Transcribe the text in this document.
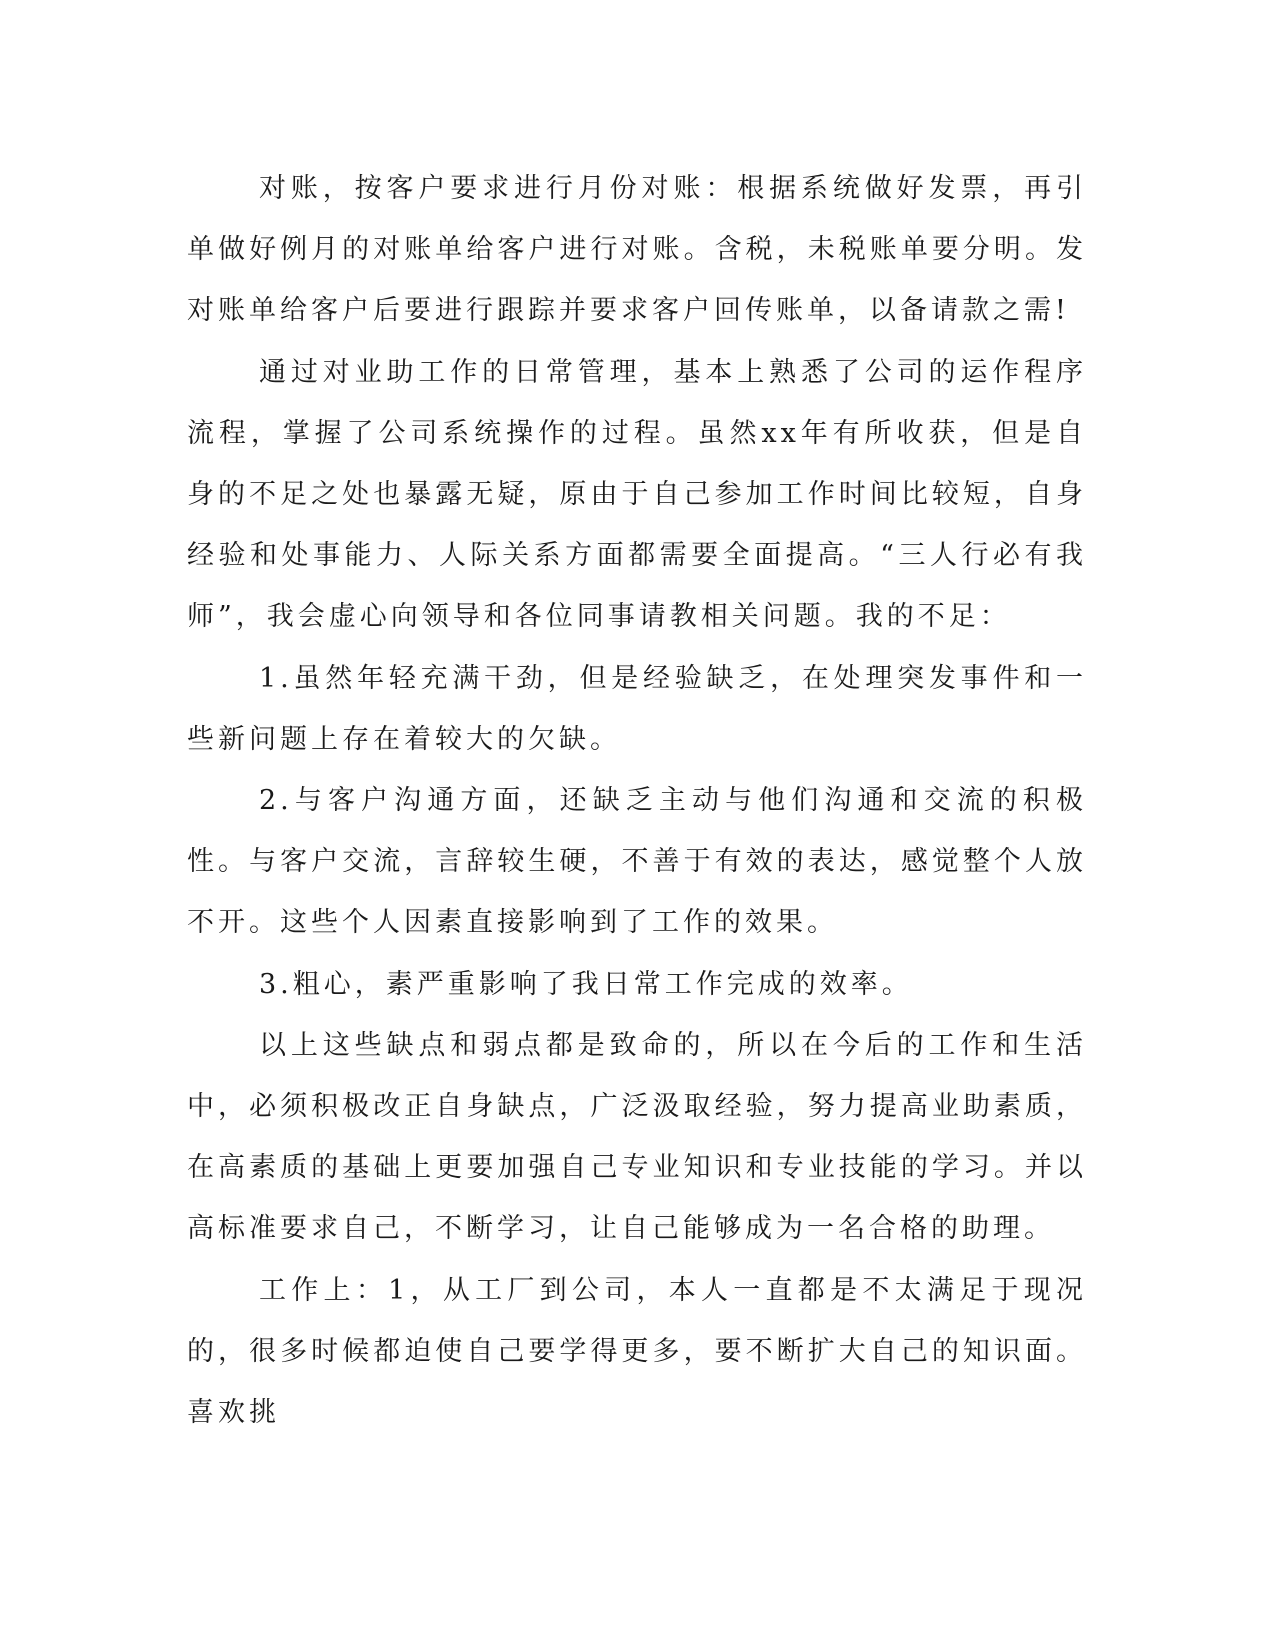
对账，按客户要求进行月份对账：根据系统做好发票，再引单做好例月的对账单给客户进行对账。含税，未税账单要分明。发对账单给客户后要进行跟踪并要求客户回传账单，以备请款之需!

通过对业助工作的日常管理，基本上熟悉了公司的运作程序流程，掌握了公司系统操作的过程。虽然xx年有所收获，但是自身的不足之处也暴露无疑，原由于自己参加工作时间比较短，自身经验和处事能力、人际关系方面都需要全面提高。“三人行必有我师”，我会虚心向领导和各位同事请教相关问题。我的不足：

1.虽然年轻充满干劲，但是经验缺乏，在处理突发事件和一些新问题上存在着较大的欠缺。

2.与客户沟通方面，还缺乏主动与他们沟通和交流的积极性。与客户交流，言辞较生硬，不善于有效的表达，感觉整个人放不开。这些个人因素直接影响到了工作的效果。

3.粗心，素严重影响了我日常工作完成的效率。

以上这些缺点和弱点都是致命的，所以在今后的工作和生活中，必须积极改正自身缺点，广泛汲取经验，努力提高业助素质，在高素质的基础上更要加强自己专业知识和专业技能的学习。并以高标准要求自己，不断学习，让自己能够成为一名合格的助理。

工作上：1，从工厂到公司，本人一直都是不太满足于现况的，很多时候都迫使自己要学得更多，要不断扩大自己的知识面。喜欢挑
